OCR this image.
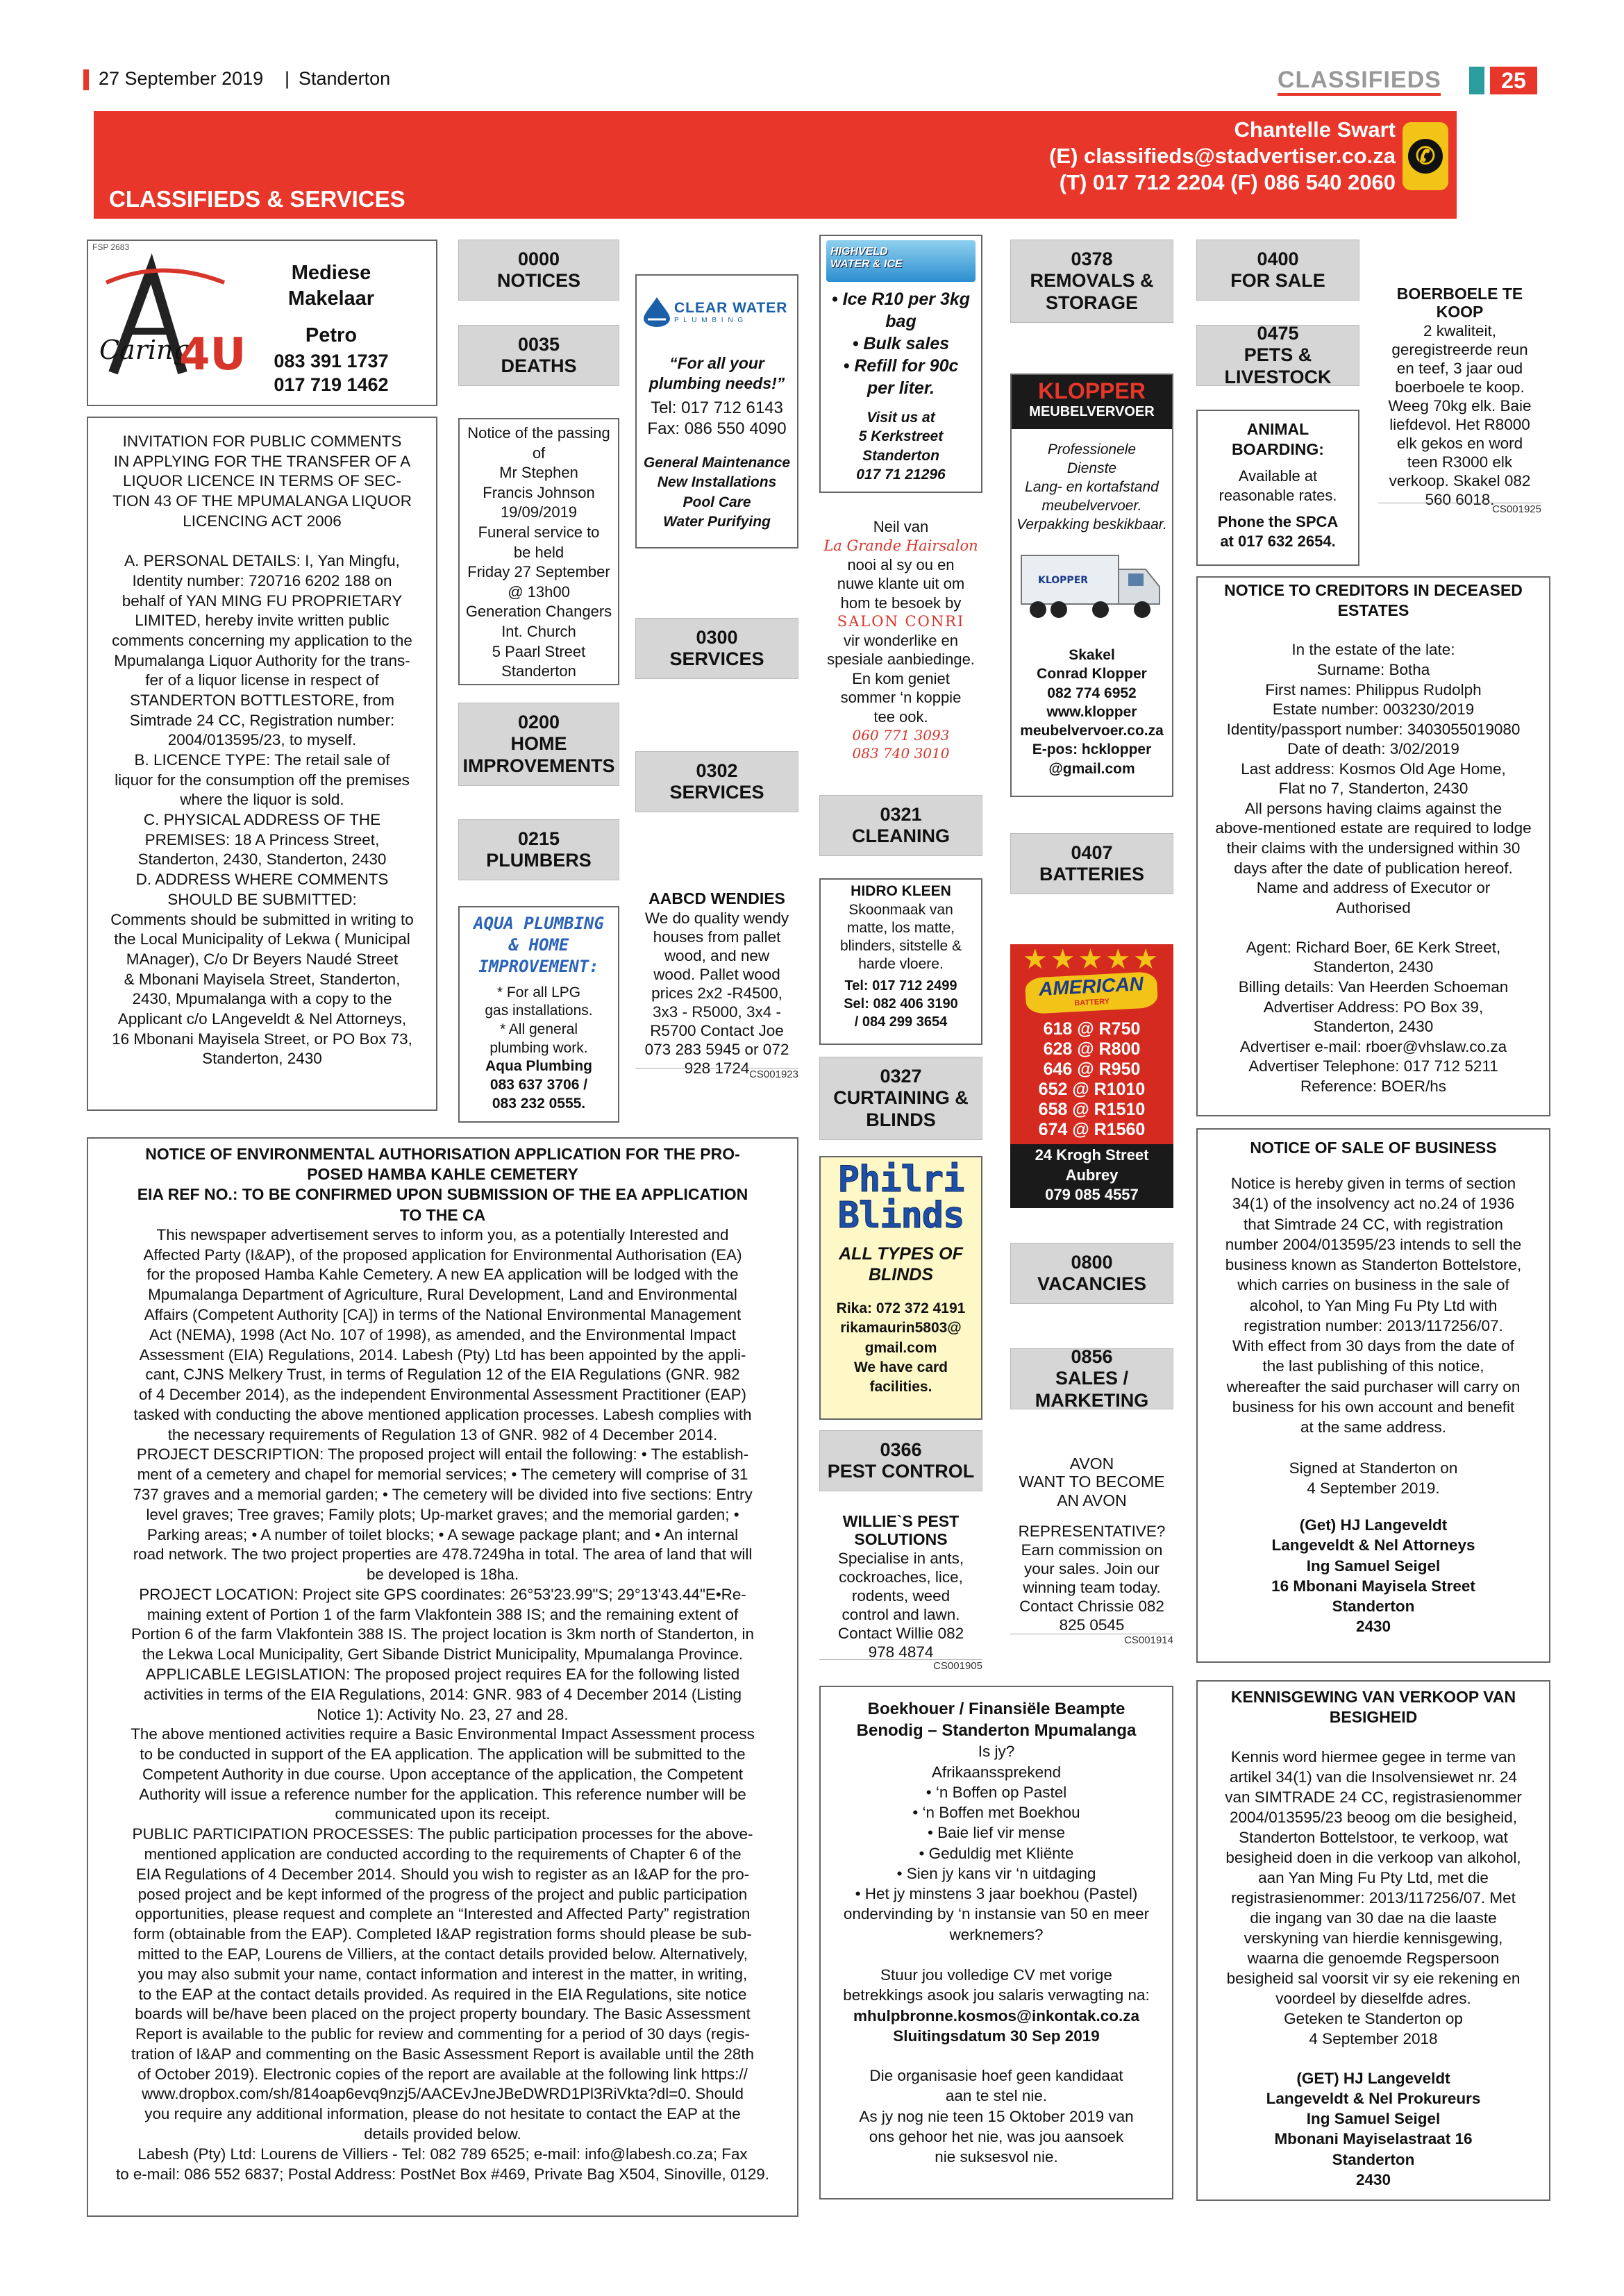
27 September 2019 | Standerton	CLASSIFIEDS	25
CLASSIFIEDS & SERVICES
Chantelle Swart
(E) classifieds@stadvertiser.co.za
(T) 017 712 2204 (F) 086 540 2060
✆
FSP 2683
Caring
4U
Mediese
Makelaar
Petro
083 391 1737
017 719 1462
INVITATION FOR PUBLIC COMMENTS
IN APPLYING FOR THE TRANSFER OF A
LIQUOR LICENCE IN TERMS OF SEC-
TION 43 OF THE MPUMALANGA LIQUOR
LICENCING ACT 2006

A. PERSONAL DETAILS: I, Yan Mingfu,
Identity number: 720716 6202 188 on
behalf of YAN MING FU PROPRIETARY
LIMITED, hereby invite written public
comments concerning my application to the
Mpumalanga Liquor Authority for the trans-
fer of a liquor license in respect of
STANDERTON BOTTLESTORE, from
Simtrade 24 CC, Registration number:
2004/013595/23, to myself.
B. LICENCE TYPE: The retail sale of
liquor for the consumption off the premises
where the liquor is sold.
C. PHYSICAL ADDRESS OF THE
PREMISES: 18 A Princess Street,
Standerton, 2430, Standerton, 2430
D. ADDRESS WHERE COMMENTS
SHOULD BE SUBMITTED:
Comments should be submitted in writing to
the Local Municipality of Lekwa ( Municipal
MAnager), C/o Dr Beyers Naudé Street
& Mbonani Mayisela Street, Standerton,
2430, Mpumalanga with a copy to the
Applicant c/o LAngeveldt & Nel Attorneys,
16 Mbonani Mayisela Street, or PO Box 73,
Standerton, 2430
0000
NOTICES
0035
DEATHS
Notice of the passing
of
Mr Stephen
Francis Johnson
19/09/2019
Funeral service to
be held
Friday 27 September
@ 13h00
Generation Changers
Int. Church
5 Paarl Street
Standerton
0200
HOME
IMPROVEMENTS
0215
PLUMBERS
AQUA PLUMBING
& HOME
IMPROVEMENT:
* For all LPG
gas installations.
* All general
plumbing work.
Aqua Plumbing
083 637 3706 /
083 232 0555.
CLEAR WATER
P L U M B I N G
“For all your
plumbing needs!”
Tel: 017 712 6143
Fax: 086 550 4090
General Maintenance
New Installations
Pool Care
Water Purifying
0300
SERVICES
0302
SERVICES
AABCD WENDIES
We do quality wendy
houses from pallet
wood, and new
wood. Pallet wood
prices 2x2 -R4500,
3x3 - R5000, 3x4 -
R5700 Contact Joe
073 283 5945 or 072
928 1724 CS001923
HIGHVELD
WATER & ICE
• Ice R10 per 3kg
bag
• Bulk sales
• Refill for 90c
per liter.
Visit us at
5 Kerkstreet
Standerton
017 71 21296
Neil van
La Grande Hairsalon
nooi al sy ou en
nuwe klante uit om
hom te besoek by
SALON CONRI
vir wonderlike en
spesiale aanbiedinge.
En kom geniet
sommer ‘n koppie
tee ook.
060 771 3093
083 740 3010
0321
CLEANING
HIDRO KLEEN
Skoonmaak van
matte, los matte,
blinders, sitstelle &
harde vloere.
Tel: 017 712 2499
Sel: 082 406 3190
/ 084 299 3654
0327
CURTAINING &
BLINDS
Philri
Blinds
ALL TYPES OF
BLINDS
Rika: 072 372 4191
rikamaurin5803@
gmail.com
We have card
facilities.
0366
PEST CONTROL
WILLIE`S PEST
SOLUTIONS
Specialise in ants,
cockroaches, lice,
rodents, weed
control and lawn.
Contact Willie 082
978 4874
CS001905
0378
REMOVALS &
STORAGE
KLOPPER
MEUBELVERVOER
Professionele
Dienste
Lang- en kortafstand
meubelvervoer.
Verpakking beskikbaar.
KLOPPER
Skakel
Conrad Klopper
082 774 6952
www.klopper
meubelvervoer.co.za
E-pos: hcklopper
@gmail.com
0407
BATTERIES
★★★★★
AMERICAN
BATTERY
618 @ R750
628 @ R800
646 @ R950
652 @ R1010
658 @ R1510
674 @ R1560
24 Krogh Street
Aubrey
079 085 4557
0800
VACANCIES
0856
SALES / MARKETING
AVON
WANT TO BECOME
AN AVON
REPRESENTATIVE?
Earn commission on
your sales. Join our
winning team today.
Contact Chrissie 082
825 0545
CS001914
0400
FOR SALE
0475
PETS & LIVESTOCK
ANIMAL
BOARDING:
Available at
reasonable rates.
Phone the SPCA
at 017 632 2654.
BOERBOELE TE
KOOP
2 kwaliteit,
geregistreerde reun
en teef, 3 jaar oud
boerboele te koop.
Weeg 70kg elk. Baie
liefdevol. Het R8000
elk gekos en word
teen R3000 elk
verkoop. Skakel 082
560 6018.
CS001925
NOTICE TO CREDITORS IN DECEASED
ESTATES
In the estate of the late:
Surname: Botha
First names: Philippus Rudolph
Estate number: 003230/2019
Identity/passport number: 3403055019080
Date of death: 3/02/2019
Last address: Kosmos Old Age Home,
Flat no 7, Standerton, 2430
All persons having claims against the
above-mentioned estate are required to lodge
their claims with the undersigned within 30
days after the date of publication hereof.
Name and address of Executor or
Authorised

Agent: Richard Boer, 6E Kerk Street,
Standerton, 2430
Billing details: Van Heerden Schoeman
Advertiser Address: PO Box 39,
Standerton, 2430
Advertiser e-mail: rboer@vhslaw.co.za
Advertiser Telephone: 017 712 5211
Reference: BOER/hs
NOTICE OF SALE OF BUSINESS
Notice is hereby given in terms of section
34(1) of the insolvency act no.24 of 1936
that Simtrade 24 CC, with registration
number 2004/013595/23 intends to sell the
business known as Standerton Bottelstore,
which carries on business in the sale of
alcohol, to Yan Ming Fu Pty Ltd with
registration number: 2013/117256/07.
With effect from 30 days from the date of
the last publishing of this notice,
whereafter the said purchaser will carry on
business for his own account and benefit
at the same address.

Signed at Standerton on
4 September 2019.
(Get) HJ Langeveldt
Langeveldt & Nel Attorneys
Ing Samuel Seigel
16 Mbonani Mayisela Street
Standerton
2430
KENNISGEWING VAN VERKOOP VAN
BESIGHEID
Kennis word hiermee gegee in terme van
artikel 34(1) van die Insolvensiewet nr. 24
van SIMTRADE 24 CC, registrasienommer
2004/013595/23 beoog om die besigheid,
Standerton Bottelstoor, te verkoop, wat
besigheid doen in die verkoop van alkohol,
aan Yan Ming Fu Pty Ltd, met die
registrasienommer: 2013/117256/07. Met
die ingang van 30 dae na die laaste
verskyning van hierdie kennisgewing,
waarna die genoemde Regspersoon
besigheid sal voorsit vir sy eie rekening en
voordeel by dieselfde adres.
Geteken te Standerton op
4 September 2018
(GET) HJ Langeveldt
Langeveldt & Nel Prokureurs
Ing Samuel Seigel
Mbonani Mayiselastraat 16
Standerton
2430
Boekhouer / Finansiële Beampte
Benodig – Standerton Mpumalanga
Is jy?
Afrikaanssprekend
• ‘n Boffen op Pastel
• ‘n Boffen met Boekhou
• Baie lief vir mense
• Geduldig met Kliënte
• Sien jy kans vir ‘n uitdaging
• Het jy minstens 3 jaar boekhou (Pastel)
ondervinding by ‘n instansie van 50 en meer
werknemers?

Stuur jou volledige CV met vorige
betrekkings asook jou salaris verwagting na:
mhulpbronne.kosmos@inkontak.co.za
Sluitingsdatum 30 Sep 2019
Die organisasie hoef geen kandidaat
aan te stel nie.
As jy nog nie teen 15 Oktober 2019 van
ons gehoor het nie, was jou aansoek
nie suksesvol nie.
NOTICE OF ENVIRONMENTAL AUTHORISATION APPLICATION FOR THE PRO-
POSED HAMBA KAHLE CEMETERY
EIA REF NO.: TO BE CONFIRMED UPON SUBMISSION OF THE EA APPLICATION
TO THE CA
This newspaper advertisement serves to inform you, as a potentially Interested and
Affected Party (I&AP), of the proposed application for Environmental Authorisation (EA)
for the proposed Hamba Kahle Cemetery. A new EA application will be lodged with the
Mpumalanga Department of Agriculture, Rural Development, Land and Environmental
Affairs (Competent Authority [CA]) in terms of the National Environmental Management
Act (NEMA), 1998 (Act No. 107 of 1998), as amended, and the Environmental Impact
Assessment (EIA) Regulations, 2014. Labesh (Pty) Ltd has been appointed by the appli-
cant, CJNS Melkery Trust, in terms of Regulation 12 of the EIA Regulations (GNR. 982
of 4 December 2014), as the independent Environmental Assessment Practitioner (EAP)
tasked with conducting the above mentioned application processes. Labesh complies with
the necessary requirements of Regulation 13 of GNR. 982 of 4 December 2014.
PROJECT DESCRIPTION: The proposed project will entail the following: • The establish-
ment of a cemetery and chapel for memorial services; • The cemetery will comprise of 31
737 graves and a memorial garden; • The cemetery will be divided into five sections: Entry
level graves; Tree graves; Family plots; Up-market graves; and the memorial garden; •
Parking areas; • A number of toilet blocks; • A sewage package plant; and • An internal
road network. The two project properties are 478.7249ha in total. The area of land that will
be developed is 18ha.
PROJECT LOCATION: Project site GPS coordinates: 26°53'23.99"S; 29°13'43.44"E•Re-
maining extent of Portion 1 of the farm Vlakfontein 388 IS; and the remaining extent of
Portion 6 of the farm Vlakfontein 388 IS. The project location is 3km north of Standerton, in
the Lekwa Local Municipality, Gert Sibande District Municipality, Mpumalanga Province.
APPLICABLE LEGISLATION: The proposed project requires EA for the following listed
activities in terms of the EIA Regulations, 2014: GNR. 983 of 4 December 2014 (Listing
Notice 1): Activity No. 23, 27 and 28.
The above mentioned activities require a Basic Environmental Impact Assessment process
to be conducted in support of the EA application. The application will be submitted to the
Competent Authority in due course. Upon acceptance of the application, the Competent
Authority will issue a reference number for the application. This reference number will be
communicated upon its receipt.
PUBLIC PARTICIPATION PROCESSES: The public participation processes for the above-
mentioned application are conducted according to the requirements of Chapter 6 of the
EIA Regulations of 4 December 2014. Should you wish to register as an I&AP for the pro-
posed project and be kept informed of the progress of the project and public participation
opportunities, please request and complete an “Interested and Affected Party” registration
form (obtainable from the EAP). Completed I&AP registration forms should please be sub-
mitted to the EAP, Lourens de Villiers, at the contact details provided below. Alternatively,
you may also submit your name, contact information and interest in the matter, in writing,
to the EAP at the contact details provided. As required in the EIA Regulations, site notice
boards will be/have been placed on the project property boundary. The Basic Assessment
Report is available to the public for review and commenting for a period of 30 days (regis-
tration of I&AP and commenting on the Basic Assessment Report is available until the 28th
of October 2019). Electronic copies of the report are available at the following link https://
www.dropbox.com/sh/814oap6evq9nzj5/AACEvJneJBeDWRD1Pl3RiVkta?dl=0. Should
you require any additional information, please do not hesitate to contact the EAP at the
details provided below.
Labesh (Pty) Ltd: Lourens de Villiers - Tel: 082 789 6525; e-mail: info@labesh.co.za; Fax
to e-mail: 086 552 6837; Postal Address: PostNet Box #469, Private Bag X504, Sinoville, 0129.
